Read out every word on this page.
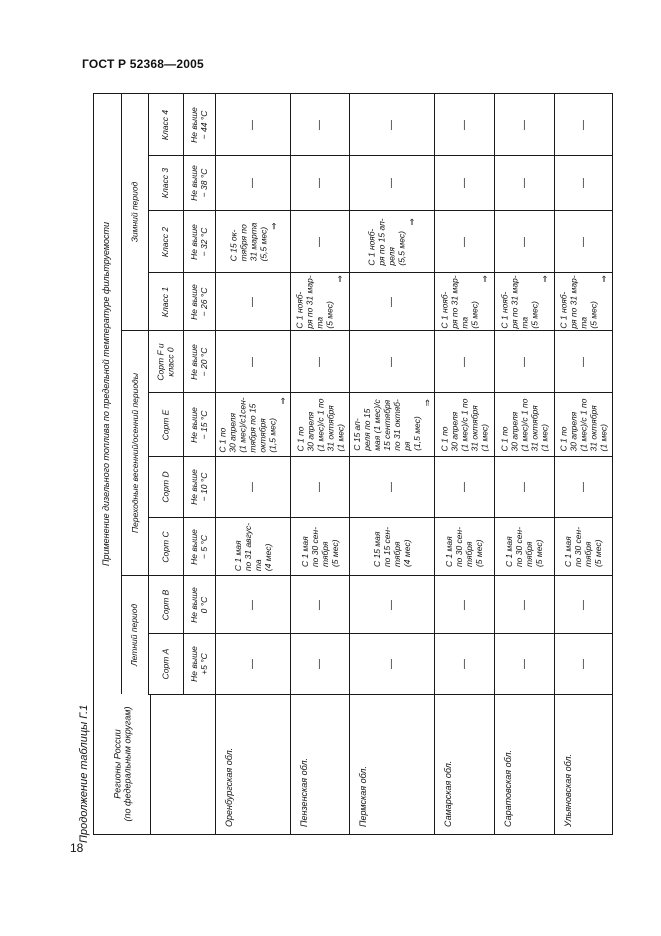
ГОСТ Р 52368—2005
18
Продолжение таблицы Г.1	Регионы России (по федеральным округам)
Применение дизельного топлива по предельной температуре фильтруемости
Летний период
Переходные весенний/осенний периоды
Зимний период
Сорт A Не выше +5 °С
Сорт B Не выше 0 °С
Сорт C Не выше − 5 °С
Сорт D Не выше − 10 °С
Сорт E Не выше − 15 °С
Сорт F и класс 0 Не выше − 20 °С
Класс 1 Не выше − 26 °С
Класс 2 Не выше − 32 °С
Класс 3 Не выше − 38 °С
Класс 4 Не выше − 44 °С
Оренбургская обл.
—
—
С 1 мая по 31 авгус- та (4 мес)
—
С 1 по 30 апреля (1 мес)/с1сен- тября по 15 октября (1,5 мес)
⇒
—
—
С 15 ок- тября по 31 марта (5,5 мес)
⇒
—
—
Пензенская обл.
—
—
С 1 мая по 30 сен- тября (5 мес)
—
С 1 по 30 апреля (1 мес)/с 1 по 31 октября (1 мес)
—
С 1 нояб- ря по 31 мар- та (5 мес)
⇒
—
—
—
Пермская обл.
—
—
С 15 мая по 15 сен- тября (4 мес)
—
С 15 ап- реля по 15 мая (1 мес)/с 15 сентября по 31 октяб- ря (1,5 мес)
⇒
—
—
С 1 нояб- ря по 15 ап- реля (5,5 мес)
⇒
—
—
Самарская обл.
—
—
С 1 мая по 30 сен- тября (5 мес)
—
С 1 по 30 апреля (1 мес)/с 1 по 31 октября (1 мес)
—
С 1 нояб- ря по 31 мар- та (5 мес)
⇒
—
—
—
Саратовская обл.
—
—
С 1 мая по 30 сен- тября (5 мес)
—
С 1 по 30 апреля (1 мес)/с 1 по 31 октября (1 мес)
—
С 1 нояб- ря по 31 мар- та (5 мес)
⇒
—
—
—
Ульяновская обл.
—
—
С 1 мая по 30 сен- тября (5 мес)
—
С 1 по 30 апреля (1 мес)/с 1 по 31 октября (1 мес)
—
С 1 нояб- ря по 31 мар- та (5 мес)
⇒
—
—
—
